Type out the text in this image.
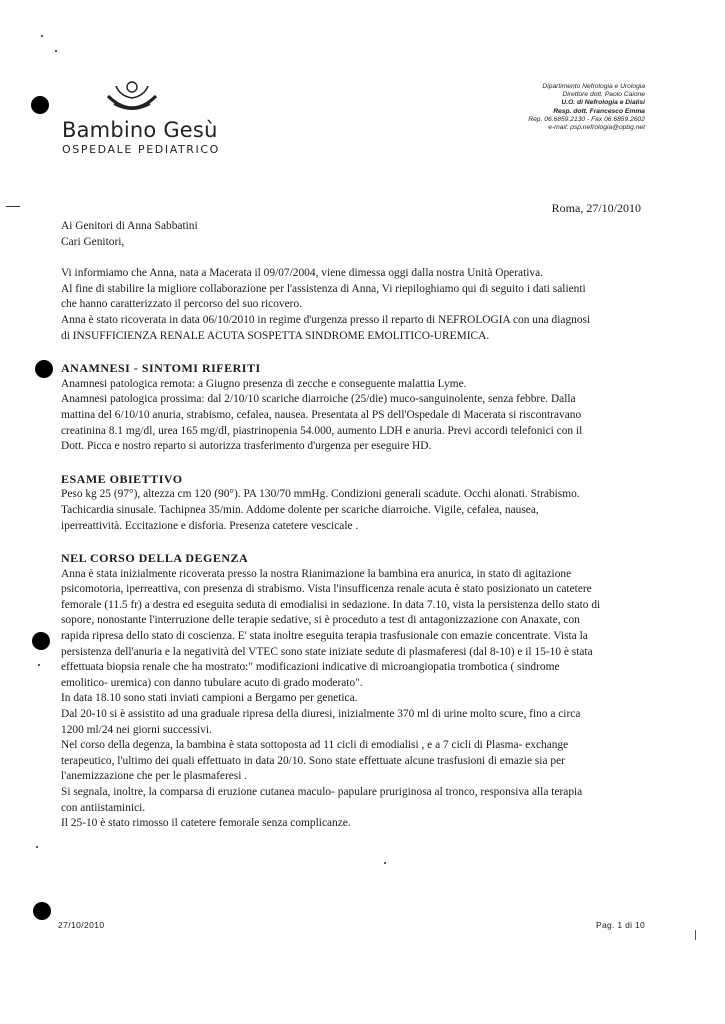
Bambino Gesù
OSPEDALE PEDIATRICO
Dipartimento Nefrologia e Urologia
Direttore dott. Paolo Caione
U.O. di Nefrologia e Dialisi
Resp. dott. Francesco Emma
Rep. 06.6859.2130 - Fax 06.6859.2602
e-mail: psp.nefrologia@opbg.net
Roma, 27/10/2010

Ai Genitori di Anna Sabbatini

Cari Genitori,

Vi informiamo che Anna, nata a Macerata il 09/07/2004, viene dimessa oggi dalla nostra Unità Operativa.

Al fine di stabilire la migliore collaborazione per l'assistenza di Anna, Vi riepiloghiamo qui di seguito i dati salienti

che hanno caratterizzato il percorso del suo ricovero.

Anna è stato ricoverata in data 06/10/2010 in regime d'urgenza presso il reparto di NEFROLOGIA con una diagnosi

di INSUFFICIENZA RENALE ACUTA SOSPETTA SINDROME EMOLITICO-UREMICA.

ANAMNESI - SINTOMI RIFERITI

Anamnesi patologica remota: a Giugno presenza di zecche e conseguente malattia Lyme.

Anamnesi patologica prossima: dal 2/10/10 scariche diarroiche (25/die) muco-sanguinolente, senza febbre. Dalla

mattina del 6/10/10 anuria, strabismo, cefalea, nausea. Presentata al PS dell'Ospedale di Macerata si riscontravano

creatinina 8.1 mg/dl, urea 165 mg/dl, piastrinopenia 54.000, aumento LDH e anuria. Previ accordi telefonici con il

Dott. Picca e nostro reparto si autorizza trasferimento d'urgenza per eseguire HD.

ESAME OBIETTIVO

Peso kg 25 (97°), altezza cm 120 (90°). PA 130/70 mmHg. Condizioni generali scadute. Occhi alonati. Strabismo.

Tachicardia sinusale. Tachipnea 35/min. Addome dolente per scariche diarroiche. Vigile, cefalea, nausea,

iperreattività. Eccitazione e disforia. Presenza catetere vescicale .

NEL CORSO DELLA DEGENZA

Anna è stata inizialmente ricoverata presso la nostra Rianimazione la bambina era anurica, in stato di agitazione

psicomotoria, iperreattiva, con presenza di strabismo. Vista l'insufficenza renale acuta è stato posizionato un catetere

femorale (11.5 fr) a destra ed eseguita seduta di emodialisi in sedazione. In data 7.10, vista la persistenza dello stato di

sopore, nonostante l'interruzione delle terapie sedative, si è proceduto a test di antagonizzazione con Anaxate, con

rapida ripresa dello stato di coscienza. E' stata inoltre eseguita terapia trasfusionale con emazie concentrate. Vista la

persistenza dell'anuria e la negatività del VTEC sono state iniziate sedute di plasmaferesi (dal 8-10) e il 15-10 è stata

effettuata biopsia renale che ha mostrato:" modificazioni indicative di microangiopatia trombotica ( sindrome

emolitico- uremica) con danno tubulare acuto di grado moderato".

In data 18.10 sono stati inviati campioni a Bergamo per genetica.

Dal 20-10 si è assistito ad una graduale ripresa della diuresi, inizialmente 370 ml di urine molto scure, fino a circa

1200 ml/24 nei giorni successivi.

Nel corso della degenza, la bambina è stata sottoposta ad 11 cicli di emodialisi , e a 7 cicli di Plasma- exchange

terapeutico, l'ultimo dei quali effettuato in data 20/10. Sono state effettuate alcune trasfusioni di emazie sia per

l'anemizzazione che per le plasmaferesi .

Si segnala, inoltre, la comparsa di eruzione cutanea maculo- papulare pruriginosa al tronco, responsiva alla terapia

con antiistaminici.

Il 25-10 è stato rimosso il catetere femorale senza complicanze.

27/10/2010	Pag. 1 di 10
